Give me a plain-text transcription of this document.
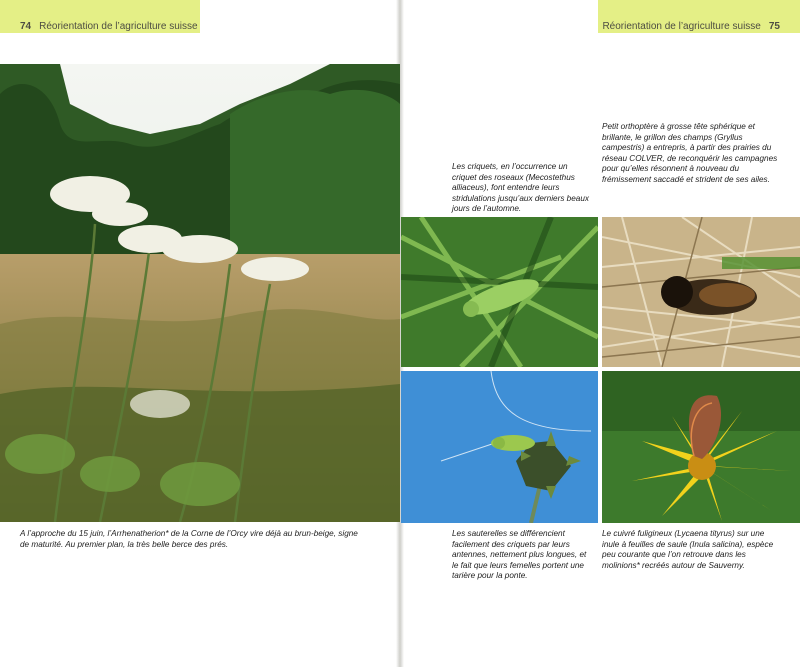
74 Réorientation de l’agriculture suisse	Réorientation de l’agriculture suisse 75
A l’approche du 15 juin, l’Arrhenatherion* de la Corne de l’Orcy vire déjà au brun-beige, signe de maturité. Au premier plan, la très belle berce des prés.
Les criquets, en l’occurrence un criquet des roseaux (Mecostethus alliaceus), font entendre leurs stridulations jusqu’aux derniers beaux jours de l’automne.
Petit orthoptère à grosse tête sphérique et brillante, le grillon des champs (Gryllus campestris) a entrepris, à partir des prairies du réseau COLVER, de reconquérir les campagnes pour qu’elles résonnent à nouveau du frémissement saccadé et strident de ses ailes.
Les sauterelles se différencient facilement des criquets par leurs antennes, nettement plus longues, et le fait que leurs femelles portent une tarière pour la ponte.
Le cuivré fuligineux (Lycaena tityrus) sur une inule à feuilles de saule (Inula salicina), espèce peu courante que l’on retrouve dans les molinions* recréés autour de Sauverny.
